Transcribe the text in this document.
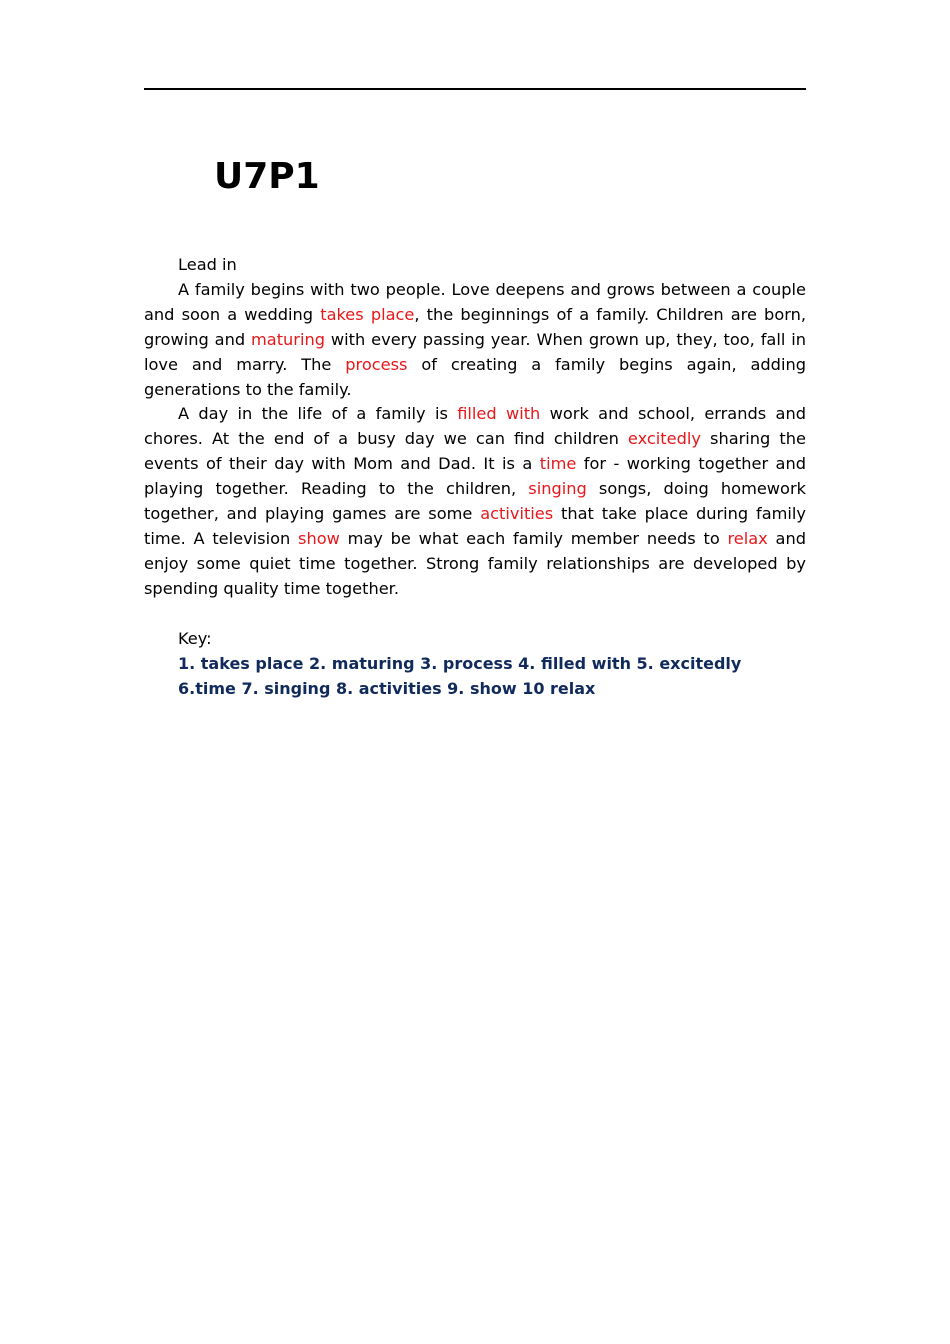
U7P1

Lead in

A family begins with two people. Love deepens and grows between a couple and soon a wedding takes place, the beginnings of a family. Children are born, growing and maturing with every passing year. When grown up, they, too, fall in love and marry. The process of creating a family begins again, adding generations to the family.

A day in the life of a family is filled with work and school, errands and chores. At the end of a busy day we can find children excitedly sharing the events of their day with Mom and Dad. It is a time for - working together and playing together. Reading to the children, singing songs, doing homework together, and playing games are some activities that take place during family time. A television show may be what each family member needs to relax and enjoy some quiet time together. Strong family relationships are developed by spending quality time together.

Key:

1. takes place 2. maturing 3. process 4. filled with 5. excitedly

6.time 7. singing 8. activities 9. show 10 relax
